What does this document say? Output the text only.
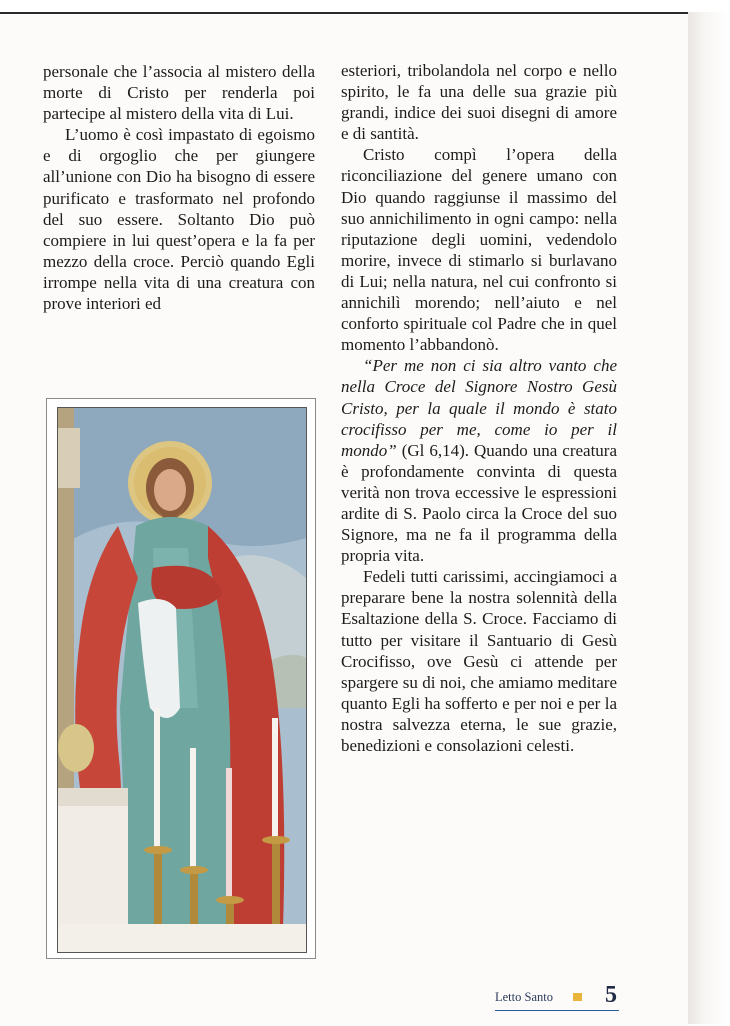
personale che l’associa al mistero della morte di Cristo per renderla poi partecipe al mistero della vita di Lui.

L’uomo è così impastato di egoismo e di orgoglio che per giungere all’unione con Dio ha bisogno di essere purificato e trasformato nel profondo del suo essere. Soltanto Dio può compiere in lui quest’opera e la fa per mezzo della croce. Perciò quando Egli irrompe nella vita di una creatura con prove interiori ed

esteriori, tribolandola nel corpo e nello spirito, le fa una delle sua grazie più grandi, indice dei suoi disegni di amore e di santità.

Cristo compì l’opera della riconciliazione del genere umano con Dio quando raggiunse il massimo del suo annichilimento in ogni campo: nella riputazione degli uomini, vedendolo morire, invece di stimarlo si burlavano di Lui; nella natura, nel cui confronto si annichilì morendo; nell’aiuto e nel conforto spirituale col Padre che in quel momento l’abbandonò.

“Per me non ci sia altro vanto che nella Croce del Signore Nostro Gesù Cristo, per la quale il mondo è stato crocifisso per me, come io per il mondo” (Gl 6,14). Quando una creatura è profondamente convinta di questa verità non trova eccessive le espressioni ardite di S. Paolo circa la Croce del suo Signore, ma ne fa il programma della propria vita.

Fedeli tutti carissimi, accingiamoci a preparare bene la nostra solennità della Esaltazione della S. Croce. Facciamo di tutto per visitare il Santuario di Gesù Crocifisso, ove Gesù ci attende per spargere su di noi, che amiamo meditare quanto Egli ha sofferto e per noi e per la nostra salvezza eterna, le sue grazie, benedizioni e consolazioni celesti.

Letto Santo 5
